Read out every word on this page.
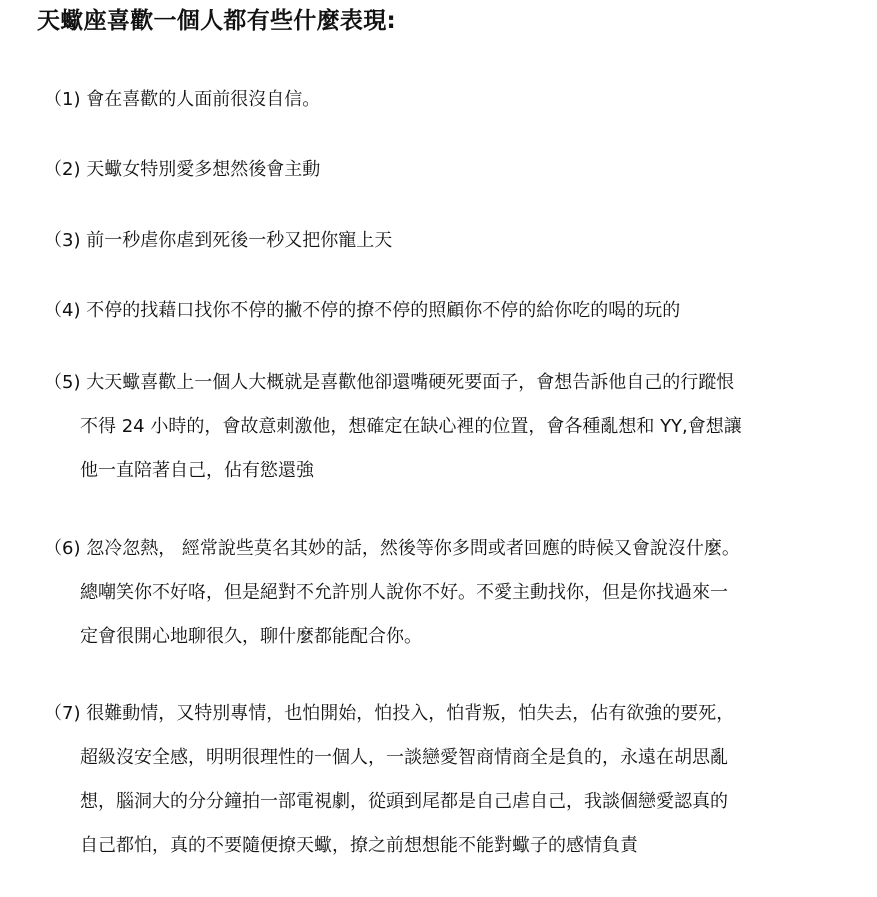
天蠍座喜歡一個人都有些什麼表現:
（1) 會在喜歡的人面前很沒自信。
（2) 天蠍女特別愛多想然後會主動
（3) 前一秒虐你虐到死後一秒又把你寵上天
（4) 不停的找藉口找你不停的撇不停的撩不停的照顧你不停的給你吃的喝的玩的
（5) 大天蠍喜歡上一個人大概就是喜歡他卻還嘴硬死要面子，會想告訴他自己的行蹤恨
不得 24 小時的，會故意刺激他，想確定在缺心裡的位置，會各種亂想和 YY,會想讓
他一直陪著自己，佔有慾還強
（6) 忽冷忽熱， 經常說些莫名其妙的話，然後等你多問或者回應的時候又會說沒什麼。
總嘲笑你不好咯，但是絕對不允許別人說你不好。不愛主動找你，但是你找過來一
定會很開心地聊很久，聊什麼都能配合你。
（7) 很難動情，又特別專情，也怕開始，怕投入，怕背叛，怕失去，佔有欲強的要死，
超級沒安全感，明明很理性的一個人，一談戀愛智商情商全是負的，永遠在胡思亂
想，腦洞大的分分鐘拍一部電視劇，從頭到尾都是自己虐自己，我談個戀愛認真的
自己都怕，真的不要隨便撩天蠍，撩之前想想能不能對蠍子的感情負責
